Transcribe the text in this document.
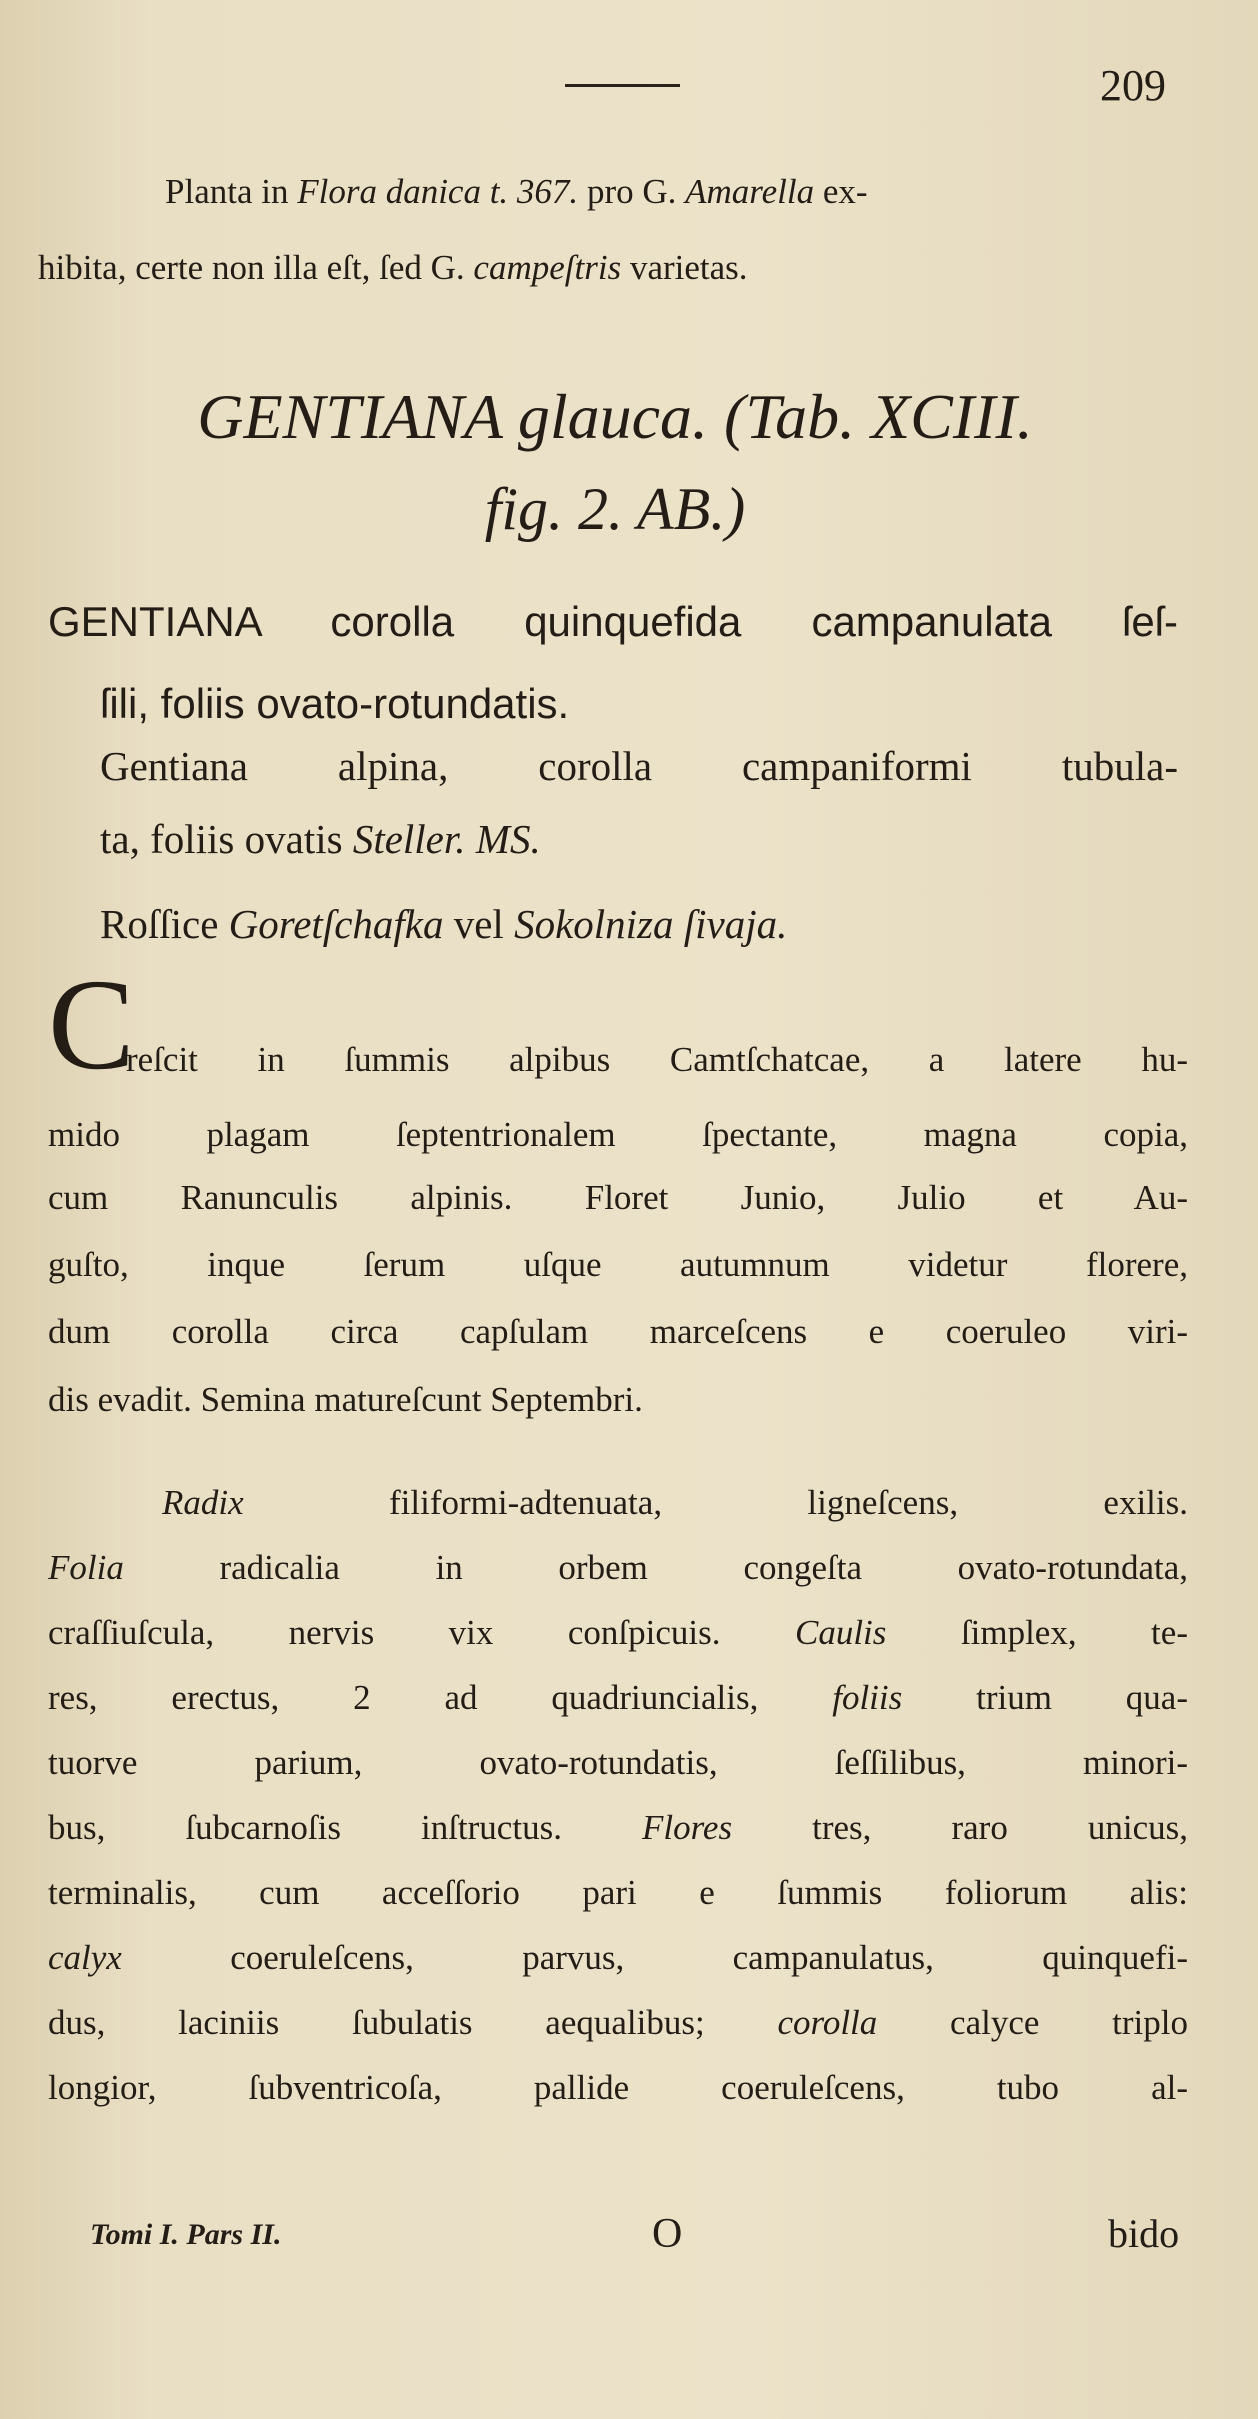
209
Planta in Flora danica t. 367. pro G. Amarella ex-
hibita, certe non illa eſt, ſed G. campeſtris varietas.
GENTIANA glauca. (Tab. XCIII.
fig. 2. AB.)
GENTIANA corolla quinquefida campanulata ſeſ-
ſili, foliis ovato-rotundatis.
Gentiana alpina, corolla campaniformi tubula-
ta, foliis ovatis Steller. MS.
Roſſice Goretſchafka vel Sokolniza ſivaja.
C
reſcit in ſummis alpibus Camtſchatcae, a latere hu-
mido plagam ſeptentrionalem ſpectante, magna copia,
cum Ranunculis alpinis. Floret Junio, Julio et Au-
guſto, inque ſerum uſque autumnum videtur florere,
dum corolla circa capſulam marceſcens e coeruleo viri-
dis evadit. Semina matureſcunt Septembri.
Radix filiformi-adtenuata, ligneſcens, exilis.
Folia radicalia in orbem congeſta ovato-rotundata,
craſſiuſcula, nervis vix conſpicuis. Caulis ſimplex, te-
res, erectus, 2 ad quadriuncialis, foliis trium qua-
tuorve parium, ovato-rotundatis, ſeſſilibus, minori-
bus, ſubcarnoſis inſtructus. Flores tres, raro unicus,
terminalis, cum acceſſorio pari e ſummis foliorum alis:
calyx coeruleſcens, parvus, campanulatus, quinquefi-
dus, laciniis ſubulatis aequalibus; corolla calyce triplo
longior, ſubventricoſa, pallide coeruleſcens, tubo al-
Tomi I. Pars II.	O	bido
